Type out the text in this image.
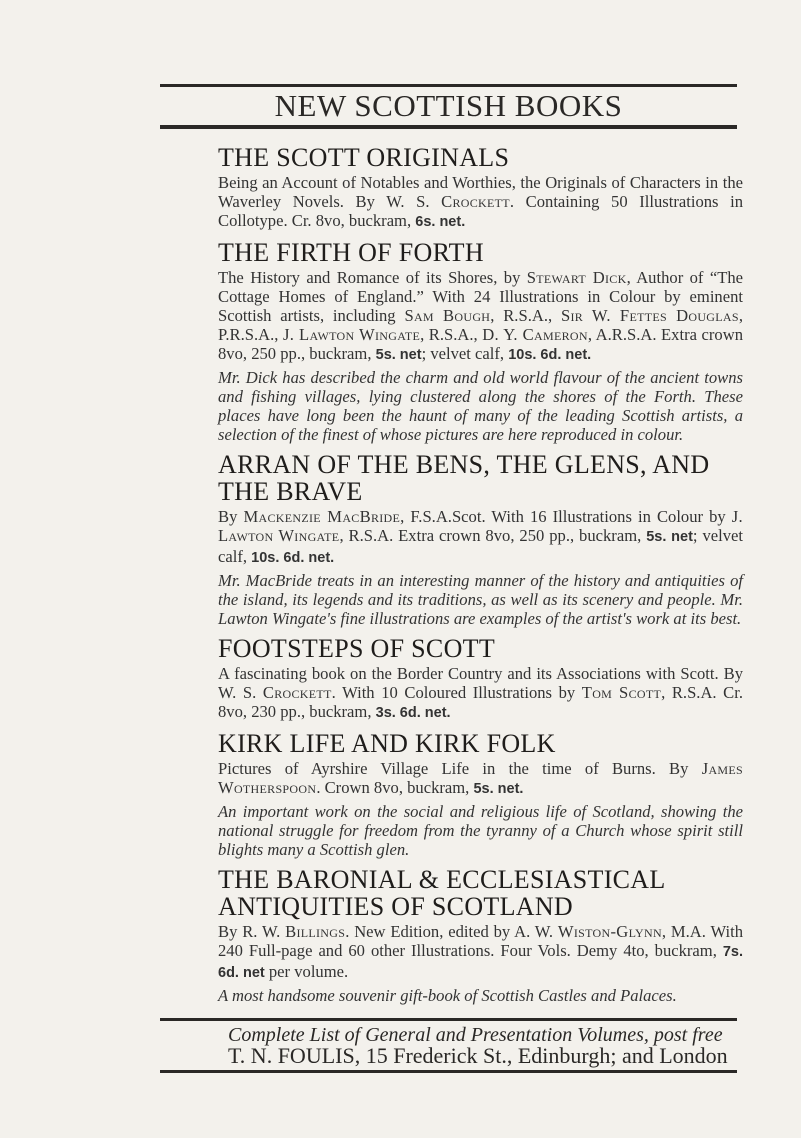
NEW SCOTTISH BOOKS
THE SCOTT ORIGINALS

Being an Account of Notables and Worthies, the Originals of Characters in the Waverley Novels. By W. S. Crockett. Containing 50 Illustrations in Collotype. Cr. 8vo, buckram, 6s. net.

THE FIRTH OF FORTH

The History and Romance of its Shores, by Stewart Dick, Author of “The Cottage Homes of England.” With 24 Illustrations in Colour by eminent Scottish artists, including Sam Bough, R.S.A., Sir W. Fettes Douglas, P.R.S.A., J. Lawton Wingate, R.S.A., D. Y. Cameron, A.R.S.A. Extra crown 8vo, 250 pp., buckram, 5s. net; velvet calf, 10s. 6d. net.

Mr. Dick has described the charm and old world flavour of the ancient towns and fishing villages, lying clustered along the shores of the Forth. These places have long been the haunt of many of the leading Scottish artists, a selection of the finest of whose pictures are here reproduced in colour.

ARRAN OF THE BENS, THE GLENS, AND THE BRAVE

By Mackenzie MacBride, F.S.A.Scot. With 16 Illustrations in Colour by J. Lawton Wingate, R.S.A. Extra crown 8vo, 250 pp., buckram, 5s. net; velvet calf, 10s. 6d. net.

Mr. MacBride treats in an interesting manner of the history and antiquities of the island, its legends and its traditions, as well as its scenery and people. Mr. Lawton Wingate's fine illustrations are examples of the artist's work at its best.

FOOTSTEPS OF SCOTT

A fascinating book on the Border Country and its Associations with Scott. By W. S. Crockett. With 10 Coloured Illustrations by Tom Scott, R.S.A. Cr. 8vo, 230 pp., buckram, 3s. 6d. net.

KIRK LIFE AND KIRK FOLK

Pictures of Ayrshire Village Life in the time of Burns. By James Wotherspoon. Crown 8vo, buckram, 5s. net.

An important work on the social and religious life of Scotland, showing the national struggle for freedom from the tyranny of a Church whose spirit still blights many a Scottish glen.

THE BARONIAL & ECCLESIASTICAL ANTIQUITIES OF SCOTLAND

By R. W. Billings. New Edition, edited by A. W. Wiston-Glynn, M.A. With 240 Full-page and 60 other Illustrations. Four Vols. Demy 4to, buckram, 7s. 6d. net per volume.

A most handsome souvenir gift-book of Scottish Castles and Palaces.

Complete List of General and Presentation Volumes, post free
T. N. FOULIS, 15 Frederick St., Edinburgh; and London
